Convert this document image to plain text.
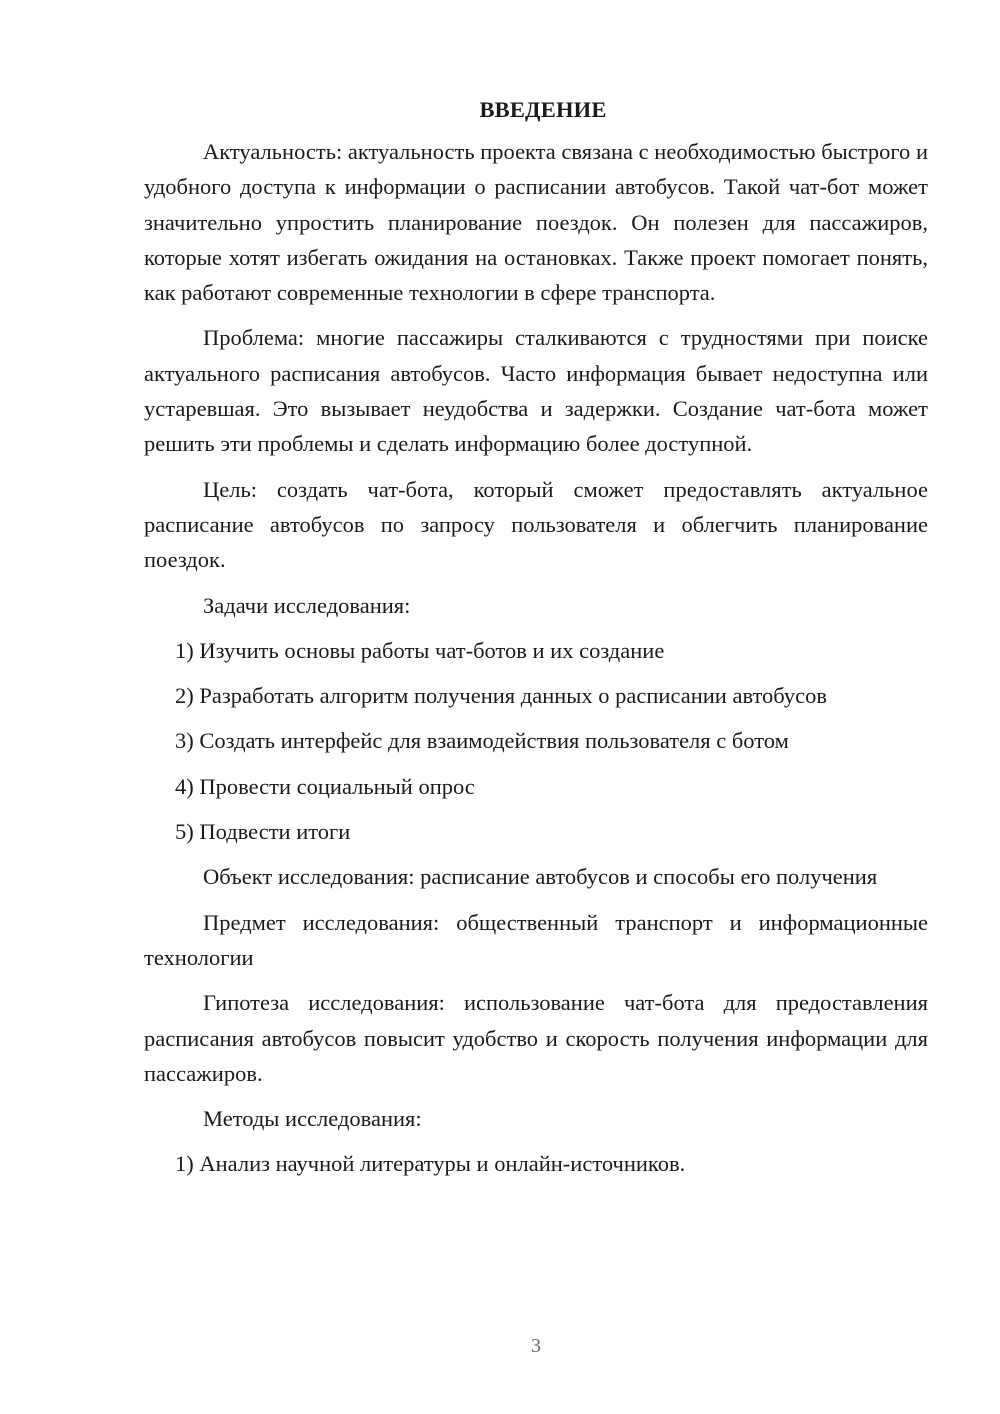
ВВЕДЕНИЕ

Актуальность: актуальность проекта связана с необходимостью быстрого и удобного доступа к информации о расписании автобусов. Такой чат-бот может значительно упростить планирование поездок. Он полезен для пассажиров, которые хотят избегать ожидания на остановках. Также проект помогает понять, как работают современные технологии в сфере транспорта.

Проблема: многие пассажиры сталкиваются с трудностями при поиске актуального расписания автобусов. Часто информация бывает недоступна или устаревшая. Это вызывает неудобства и задержки. Создание чат-бота может решить эти проблемы и сделать информацию более доступной.

Цель: создать чат-бота, который сможет предоставлять актуальное расписание автобусов по запросу пользователя и облегчить планирование поездок.

Задачи исследования:

1) Изучить основы работы чат-ботов и их создание

2) Разработать алгоритм получения данных о расписании автобусов

3) Создать интерфейс для взаимодействия пользователя с ботом

4) Провести социальный опрос

5) Подвести итоги

Объект исследования: расписание автобусов и способы его получения

Предмет исследования: общественный транспорт и информационные технологии

Гипотеза исследования: использование чат-бота для предоставления расписания автобусов повысит удобство и скорость получения информации для пассажиров.

Методы исследования:

1) Анализ научной литературы и онлайн-источников.

3
